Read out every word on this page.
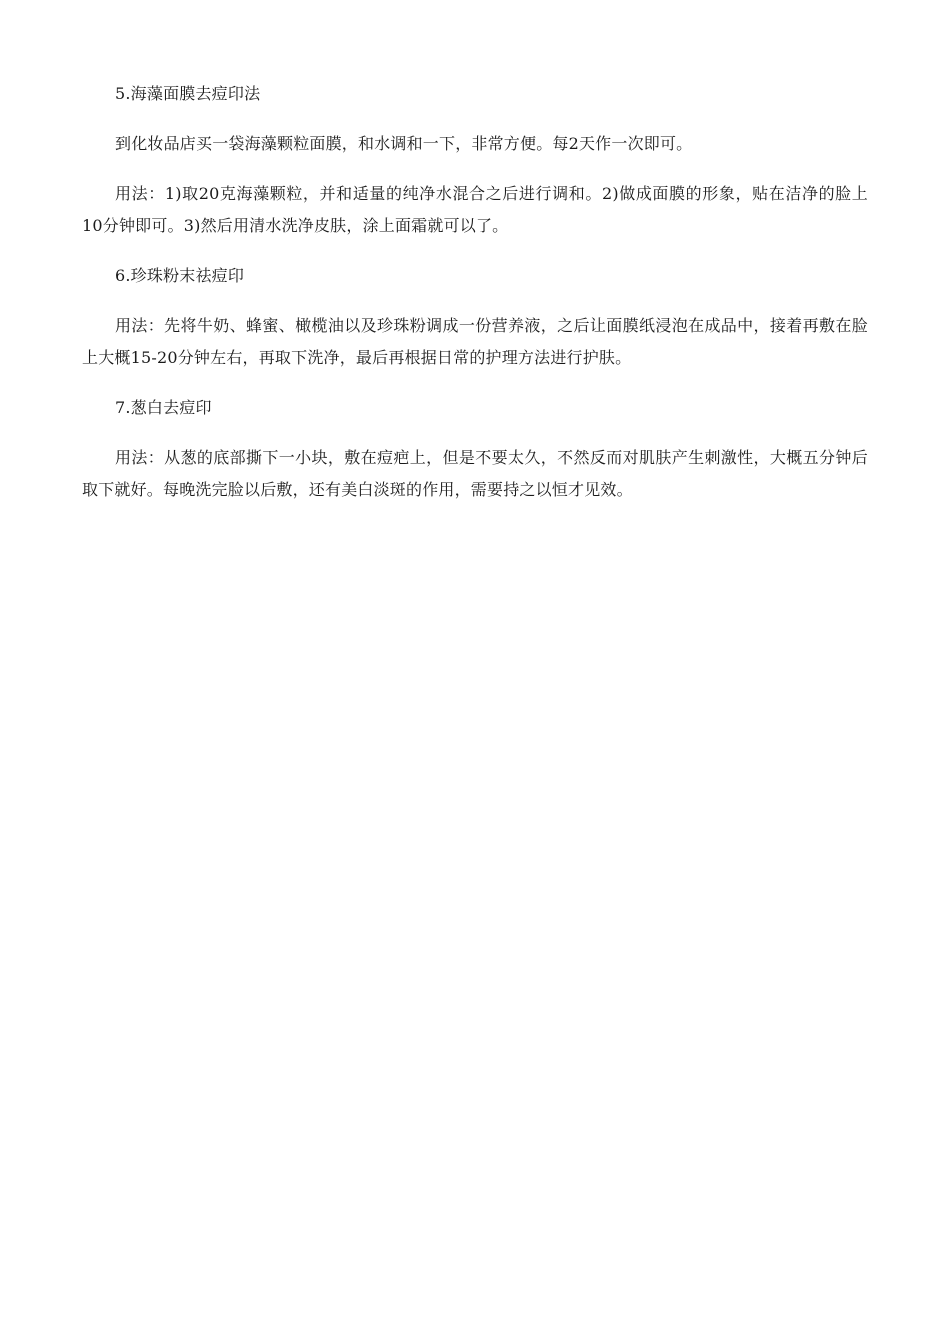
5.海藻面膜去痘印法

到化妆品店买一袋海藻颗粒面膜，和水调和一下，非常方便。每2天作一次即可。

用法：1)取20克海藻颗粒，并和适量的纯净水混合之后进行调和。2)做成面膜的形象，贴在洁净的脸上10分钟即可。3)然后用清水洗净皮肤，涂上面霜就可以了。

6.珍珠粉末祛痘印

用法：先将牛奶、蜂蜜、橄榄油以及珍珠粉调成一份营养液，之后让面膜纸浸泡在成品中，接着再敷在脸上大概15-20分钟左右，再取下洗净，最后再根据日常的护理方法进行护肤。

7.葱白去痘印

用法：从葱的底部撕下一小块，敷在痘疤上，但是不要太久，不然反而对肌肤产生刺激性，大概五分钟后取下就好。每晚洗完脸以后敷，还有美白淡斑的作用，需要持之以恒才见效。
